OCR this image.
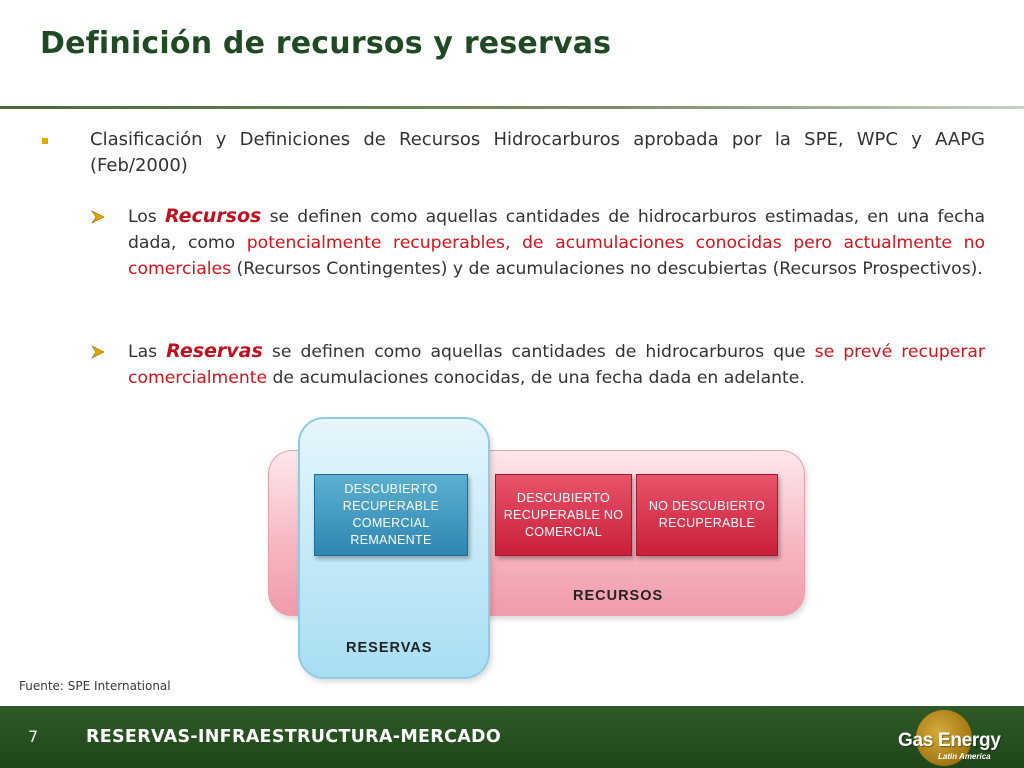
Definición de recursos y reservas
Clasificación y Definiciones de Recursos Hidrocarburos aprobada por la SPE, WPC y AAPG (Feb/2000)
Los Recursos se definen como aquellas cantidades de hidrocarburos estimadas, en una fecha dada, como potencialmente recuperables, de acumulaciones conocidas pero actualmente no comerciales (Recursos Contingentes) y de acumulaciones no descubiertas (Recursos Prospectivos).
Las Reservas se definen como aquellas cantidades de hidrocarburos que se prevé recuperar comercialmente de acumulaciones conocidas, de una fecha dada en adelante.
DESCUBIERTO RECUPERABLE COMERCIAL REMANENTE
DESCUBIERTO RECUPERABLE NO COMERCIAL
NO DESCUBIERTO RECUPERABLE
RECURSOS
RESERVAS
Fuente: SPE International
7	RESERVAS-INFRAESTRUCTURA-MERCADO	Gas Energy
Latin America
